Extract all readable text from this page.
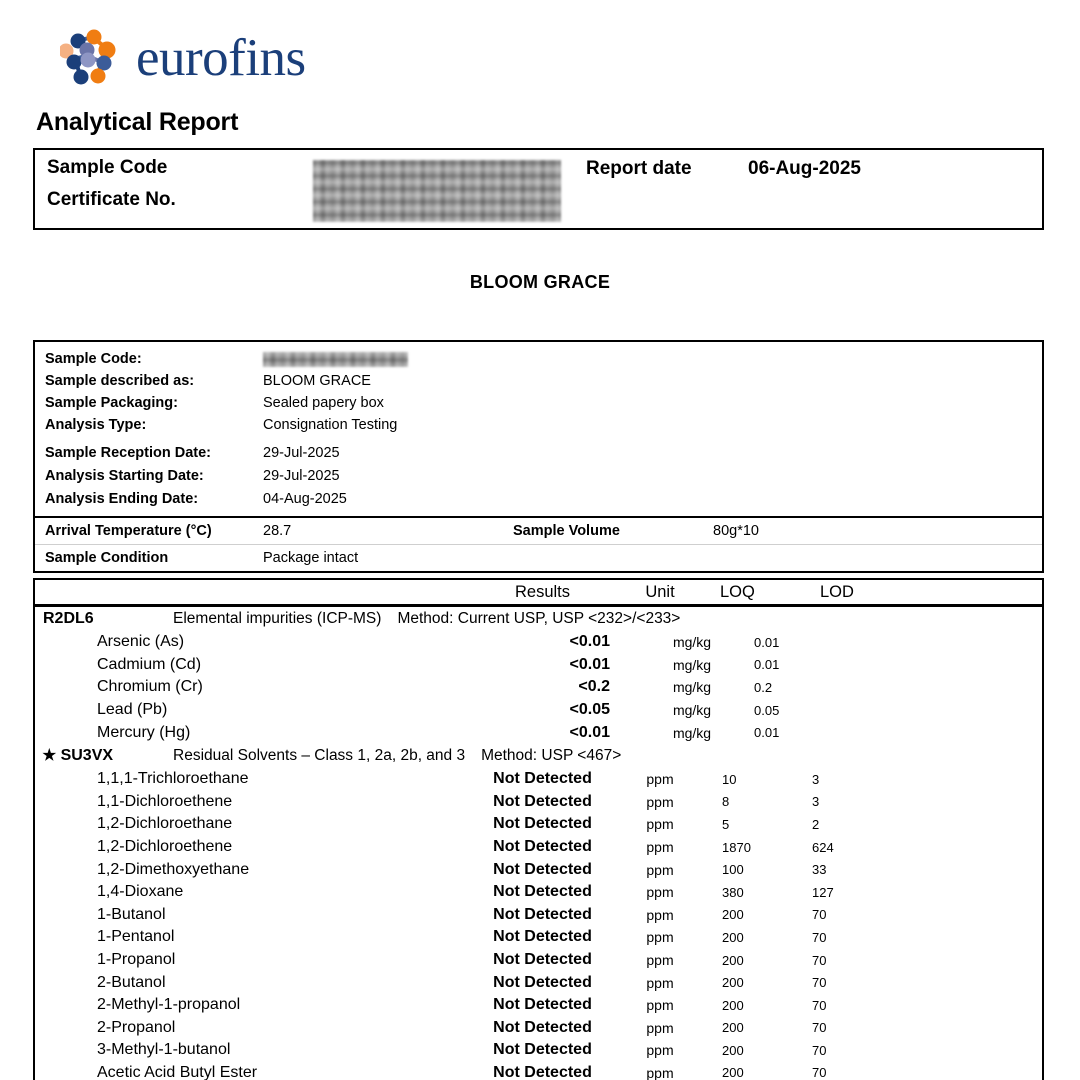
eurofins
Analytical Report
Sample Code
Certificate No.
Report date	06-Aug-2025
BLOOM GRACE
Sample Code:
Sample described as:	BLOOM GRACE
Sample Packaging:	Sealed papery box
Analysis Type:	Consignation Testing
Sample Reception Date:	29-Jul-2025
Analysis Starting Date:	29-Jul-2025
Analysis Ending Date:	04-Aug-2025
Arrival Temperature (°C)	28.7	Sample Volume	80g*10
Sample Condition	Package intact
Results	Unit	LOQ	LOD
R2DL6	Elemental impurities (ICP-MS) Method: Current USP, USP <232>/<233>
Arsenic (As)	<0.01	mg/kg	0.01
Cadmium (Cd)	<0.01	mg/kg	0.01
Chromium (Cr)	<0.2	mg/kg	0.2
Lead (Pb)	<0.05	mg/kg	0.05
Mercury (Hg)	<0.01	mg/kg	0.01
✭ SU3VX	Residual Solvents – Class 1, 2a, 2b, and 3 Method: USP <467>
1,1,1-Trichloroethane	Not Detected	ppm	10	3
1,1-Dichloroethene	Not Detected	ppm	8	3
1,2-Dichloroethane	Not Detected	ppm	5	2
1,2-Dichloroethene	Not Detected	ppm	1870	624
1,2-Dimethoxyethane	Not Detected	ppm	100	33
1,4-Dioxane	Not Detected	ppm	380	127
1-Butanol	Not Detected	ppm	200	70
1-Pentanol	Not Detected	ppm	200	70
1-Propanol	Not Detected	ppm	200	70
2-Butanol	Not Detected	ppm	200	70
2-Methyl-1-propanol	Not Detected	ppm	200	70
2-Propanol	Not Detected	ppm	200	70
3-Methyl-1-butanol	Not Detected	ppm	200	70
Acetic Acid Butyl Ester	Not Detected	ppm	200	70
